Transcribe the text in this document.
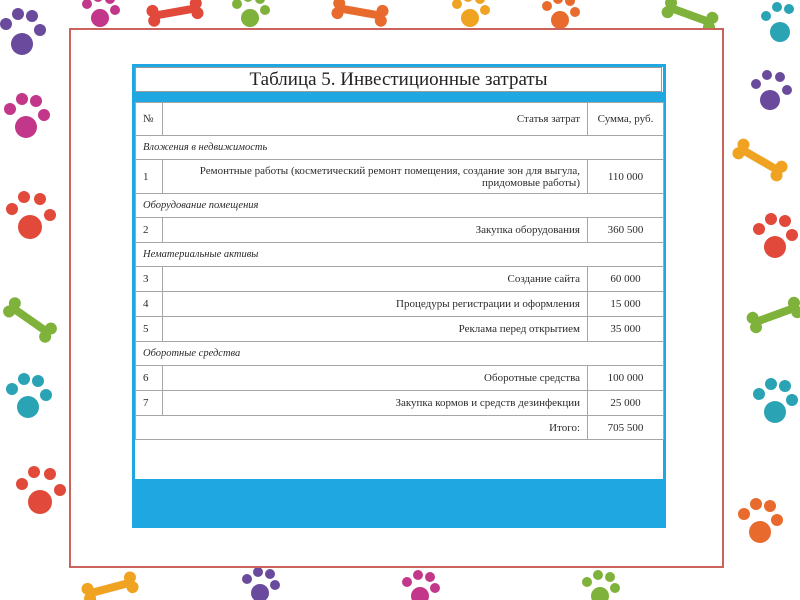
Таблица 5. Инвестиционные затраты
№	Статья затрат	Сумма, руб.
Вложения в недвижимость		
1	Ремонтные работы (косметический ремонт помещения, создание зон для выгула, придомовые работы)	110 000
Оборудование помещения		
2	Закупка оборудования	360 500
Нематериальные активы		
3	Создание сайта	60 000
4	Процедуры регистрации и оформления	15 000
5	Реклама перед открытием	35 000
Оборотные средства		
6	Оборотные средства	100 000
7	Закупка кормов и средств дезинфекции	25 000
Итого:		705 500
